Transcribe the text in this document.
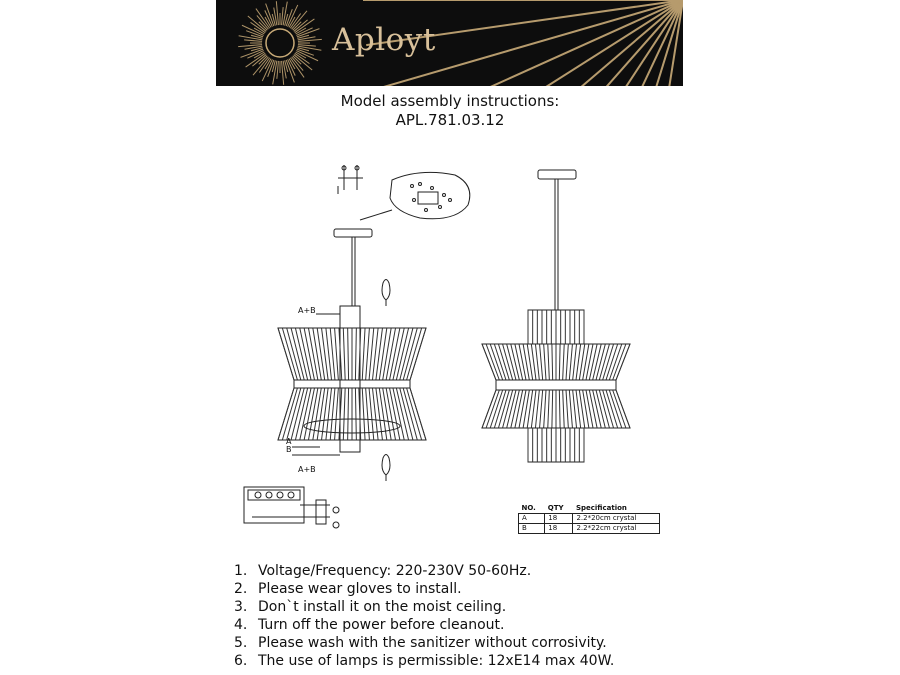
Aployt
Model assembly instructions:
APL.781.03.12
A+B
A
B
A+B
NO.	QTY	Specification
A	18	2.2*20cm crystal
B	18	2.2*22cm crystal
1. Voltage/Frequency: 220-230V 50-60Hz.
2. Please wear gloves to install.
3. Don`t install it on the moist ceiling.
4. Turn off the power before cleanout.
5. Please wash with the sanitizer without corrosivity.
6. The use of lamps is permissible: 12xE14 max 40W.
